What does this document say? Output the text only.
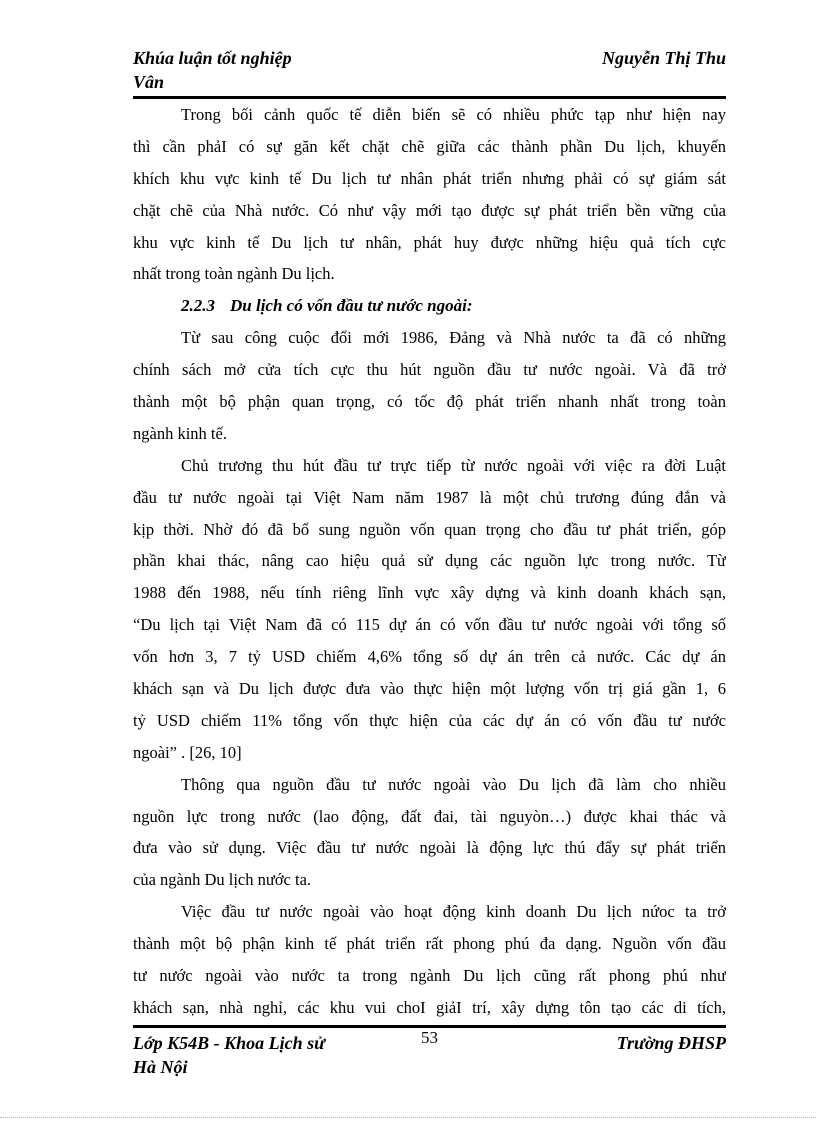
Khúa luận tốt nghiệp	Nguyễn Thị Thu
Vân
Trong bối cảnh quốc tế diễn biến sẽ có nhiều phức tạp như hiện nay
thì cần phảI có sự găn kết chặt chẽ giữa các thành phần Du lịch, khuyến
khích khu vực kinh tế Du lịch tư nhân phát triển nhưng phải có sự giám sát
chặt chẽ của Nhà nước. Có như vậy mới tạo được sự phát triển bền vững của
khu vực kinh tế Du lịch tư nhân, phát huy được những hiệu quả tích cực
nhất trong toàn ngành Du lịch.
2.2.3 Du lịch có vốn đầu tư nước ngoài:
Từ sau công cuộc đổi mới 1986, Đảng và Nhà nước ta đã có những
chính sách mở cửa tích cực thu hút nguồn đầu tư nước ngoài. Và đã trở
thành một bộ phận quan trọng, có tốc độ phát triển nhanh nhất trong toàn
ngành kinh tế.
Chủ trương thu hút đầu tư trực tiếp từ nước ngoài với việc ra đời Luật
đầu tư nước ngoài tại Việt Nam năm 1987 là một chủ trương đúng đắn và
kịp thời. Nhờ đó đã bổ sung nguồn vốn quan trọng cho đầu tư phát triển, góp
phần khai thác, nâng cao hiệu quả sử dụng các nguồn lực trong nước. Từ
1988 đến 1988, nếu tính riêng lĩnh vực xây dựng và kinh doanh khách sạn,
“Du lịch tại Việt Nam đã có 115 dự án có vốn đầu tư nước ngoài với tổng số
vốn hơn 3, 7 tỷ USD chiếm 4,6% tổng số dự án trên cả nước. Các dự án
khách sạn và Du lịch được đưa vào thực hiện một lượng vốn trị giá gần 1, 6
tỷ USD chiếm 11% tổng vốn thực hiện của các dự án có vốn đầu tư nước
ngoài” . [26, 10]
Thông qua nguồn đầu tư nước ngoài vào Du lịch đã làm cho nhiều
nguồn lực trong nước (lao động, đất đai, tài nguyòn…) được khai thác và
đưa vào sử dụng. Việc đầu tư nước ngoài là động lực thú đẩy sự phát triển
của ngành Du lịch nước ta.
Việc đầu tư nước ngoài vào hoạt động kinh doanh Du lịch nứoc ta trở
thành một bộ phận kinh tế phát triển rất phong phú đa dạng. Nguồn vốn đầu
tư nước ngoài vào nước ta trong ngành Du lịch cũng rất phong phú như
khách sạn, nhà nghỉ, các khu vui choI giảI trí, xây dựng tôn tạo các di tích,
53
Lớp K54B - Khoa Lịch sử	Trường ĐHSP
Hà Nội
